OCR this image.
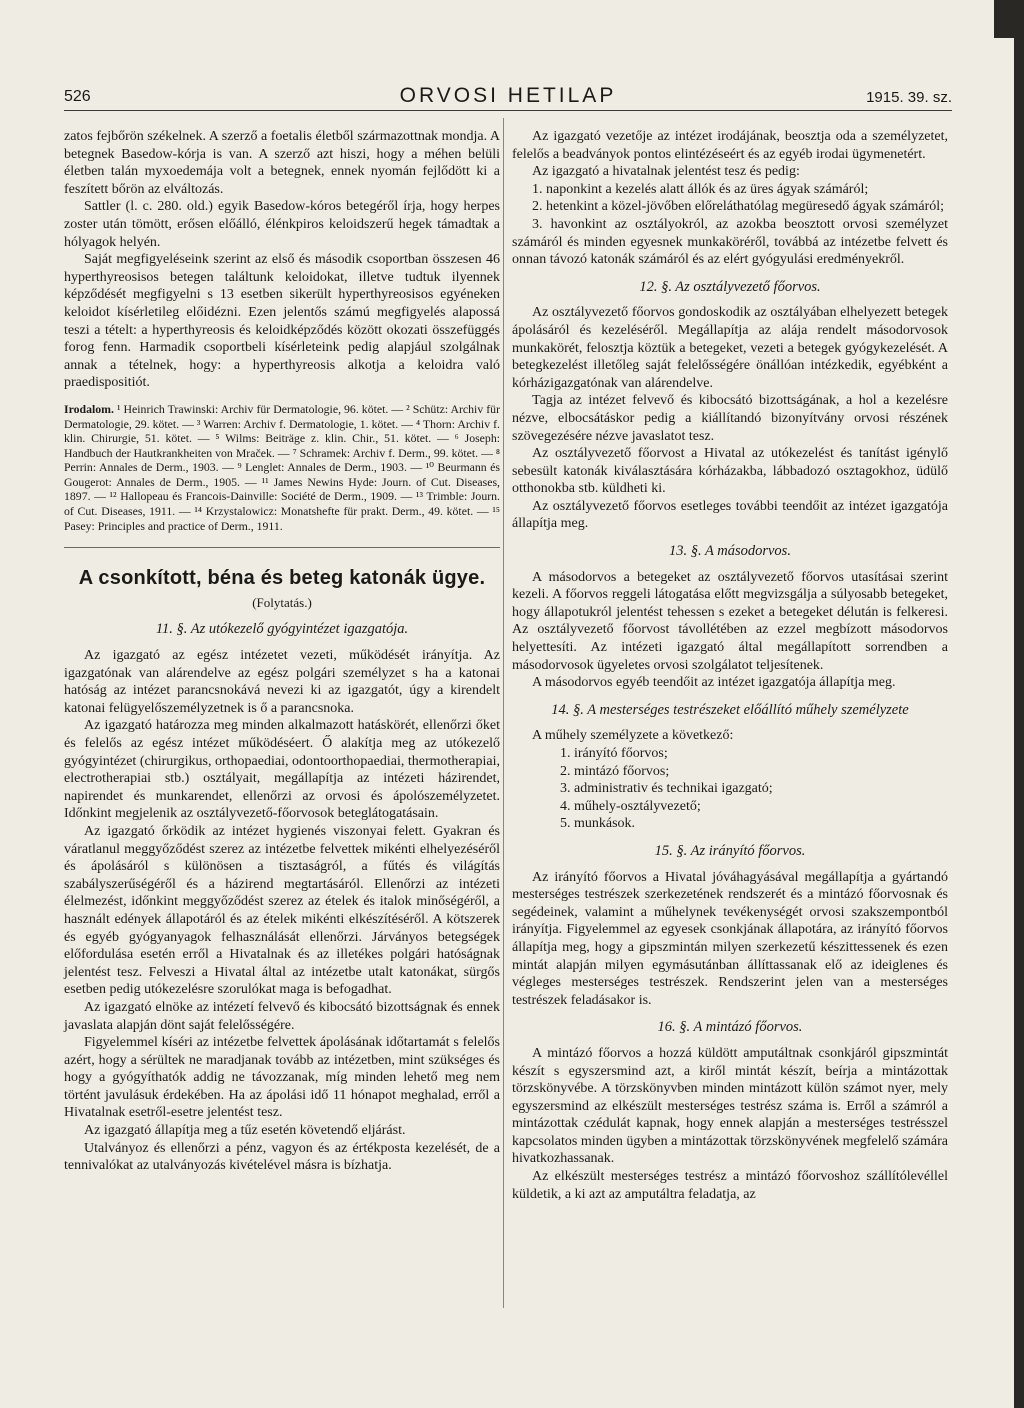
526	ORVOSI HETILAP	1915. 39. sz.

zatos fejbőrön székelnek. A szerző a foetalis életből származottnak mondja. A betegnek Basedow-kórja is van. A szerző azt hiszi, hogy a méhen belüli életben talán myxoedemája volt a betegnek, ennek nyomán fejlődött ki a feszített bőrön az elváltozás.

Sattler (l. c. 280. old.) egyik Basedow-kóros betegéről írja, hogy herpes zoster után tömött, erősen előálló, élénkpiros keloidszerű hegek támadtak a hólyagok helyén.

Saját megfigyeléseink szerint az első és második csoportban összesen 46 hyperthyreosisos betegen találtunk keloidokat, illetve tudtuk ilyennek képződését megfigyelni s 13 esetben sikerült hyperthyreosisos egyéneken keloidot kísérletileg előidézni. Ezen jelentős számú megfigyelés alapossá teszi a tételt: a hyperthyreosis és keloidképződés között okozati összefüggés forog fenn. Harmadik csoportbeli kísérleteink pedig alapjául szolgálnak annak a tételnek, hogy: a hyperthyreosis alkotja a keloidra való praedispositiót.

Irodalom. ¹ Heinrich Trawinski: Archiv für Dermatologie, 96. kötet. — ² Schütz: Archiv für Dermatologie, 29. kötet. — ³ Warren: Archiv f. Dermatologie, 1. kötet. — ⁴ Thorn: Archiv f. klin. Chirurgie, 51. kötet. — ⁵ Wilms: Beiträge z. klin. Chir., 51. kötet. — ⁶ Joseph: Handbuch der Hautkrankheiten von Mraček. — ⁷ Schramek: Archiv f. Derm., 99. kötet. — ⁸ Perrin: Annales de Derm., 1903. — ⁹ Lenglet: Annales de Derm., 1903. — ¹⁰ Beurmann és Gougerot: Annales de Derm., 1905. — ¹¹ James Newins Hyde: Journ. of Cut. Diseases, 1897. — ¹² Hallopeau és Francois-Dainville: Société de Derm., 1909. — ¹³ Trimble: Journ. of Cut. Diseases, 1911. — ¹⁴ Krzystalowicz: Monatshefte für prakt. Derm., 49. kötet. — ¹⁵ Pasey: Principles and practice of Derm., 1911.
A csonkított, béna és beteg katonák ügye.
(Folytatás.)
11. §. Az utókezelő gyógyintézet igazgatója.

Az igazgató az egész intézetet vezeti, működését irányítja. Az igazgatónak van alárendelve az egész polgári személyzet s ha a katonai hatóság az intézet parancsnokává nevezi ki az igazgatót, úgy a kirendelt katonai felügyelőszemélyzetnek is ő a parancsnoka.

Az igazgató határozza meg minden alkalmazott hatáskörét, ellenőrzi őket és felelős az egész intézet működéséert. Ő alakítja meg az utókezelő gyógyintézet (chirurgikus, orthopaediai, odontoorthopaediai, thermotherapiai, electrotherapiai stb.) osztályait, megállapítja az intézeti házirendet, napirendet és munkarendet, ellenőrzi az orvosi és ápolószemélyzetet. Időnkint megjelenik az osztályvezető-főorvosok beteglátogatásain.

Az igazgató őrködik az intézet hygienés viszonyai felett. Gyakran és váratlanul meggyőződést szerez az intézetbe felvettek mikénti elhelyezéséről és ápolásáról s különösen a tisztaságról, a fűtés és világítás szabályszerűségéről és a házirend megtartásáról. Ellenőrzi az intézeti élelmezést, időnkint meggyőződést szerez az ételek és italok minőségéről, a használt edények állapotáról és az ételek mikénti elkészítéséről. A kötszerek és egyéb gyógyanyagok felhasználását ellenőrzi. Járványos betegségek előfordulása esetén erről a Hivatalnak és az illetékes polgári hatóságnak jelentést tesz. Felveszi a Hivatal által az intézetbe utalt katonákat, sürgős esetben pedig utókezelésre szorulókat maga is befogadhat.

Az igazgató elnöke az intézetí felvevő és kibocsátó bizottságnak és ennek javaslata alapján dönt saját felelősségére.

Figyelemmel kíséri az intézetbe felvettek ápolásának időtartamát s felelős azért, hogy a sérültek ne maradjanak tovább az intézetben, mint szükséges és hogy a gyógyíthatók addig ne távozzanak, míg minden lehető meg nem történt javulásuk érdekében. Ha az ápolási idő 11 hónapot meghalad, erről a Hivatalnak esetről-esetre jelentést tesz.

Az igazgató állapítja meg a tűz esetén követendő eljárást.

Utalványoz és ellenőrzi a pénz, vagyon és az értékposta kezelését, de a tennivalókat az utalványozás kivételével másra is bízhatja.

Az igazgató vezetője az intézet irodájának, beosztja oda a személyzetet, felelős a beadványok pontos elintézéseért és az egyéb irodai ügymenetért.

Az igazgató a hivatalnak jelentést tesz és pedig:

1. naponkint a kezelés alatt állók és az üres ágyak számáról;

2. hetenkint a közel-jövőben előreláthatólag megüresedő ágyak számáról;

3. havonkint az osztályokról, az azokba beosztott orvosi személyzet számáról és minden egyesnek munkaköréről, továbbá az intézetbe felvett és onnan távozó katonák számáról és az elért gyógyulási eredményekről.

12. §. Az osztályvezető főorvos.

Az osztályvezető főorvos gondoskodik az osztályában elhelyezett betegek ápolásáról és kezeléséről. Megállapítja az alája rendelt másodorvosok munkakörét, felosztja köztük a betegeket, vezeti a betegek gyógykezelését. A betegkezelést illetőleg saját felelősségére önállóan intézkedik, egyébként a kórházigazgatónak van alárendelve.

Tagja az intézet felvevő és kibocsátó bizottságának, a hol a kezelésre nézve, elbocsátáskor pedig a kiállítandó bizonyítvány orvosi részének szövegezésére nézve javaslatot tesz.

Az osztályvezető főorvost a Hivatal az utókezelést és tanítást igénylő sebesült katonák kiválasztására kórházakba, lábbadozó osztagokhoz, üdülő otthonokba stb. küldheti ki.

Az osztályvezető főorvos esetleges további teendőit az intézet igazgatója állapítja meg.

13. §. A másodorvos.

A másodorvos a betegeket az osztályvezető főorvos utasításai szerint kezeli. A főorvos reggeli látogatása előtt megvizsgálja a súlyosabb betegeket, hogy állapotukról jelentést tehessen s ezeket a betegeket délután is felkeresi. Az osztályvezető főorvost távollétében az ezzel megbízott másodorvos helyettesíti. Az intézeti igazgató által megállapított sorrendben a másodorvosok ügyeletes orvosi szolgálatot teljesítenek.

A másodorvos egyéb teendőit az intézet igazgatója állapítja meg.

14. §. A mesterséges testrészeket előállító műhely személyzete

A műhely személyzete a következő:

1. irányító főorvos;

2. mintázó főorvos;

3. administrativ és technikai igazgató;

4. műhely-osztályvezető;

5. munkások.

15. §. Az irányító főorvos.

Az irányító főorvos a Hivatal jóváhagyásával megállapítja a gyártandó mesterséges testrészek szerkezetének rendszerét és a mintázó főorvosnak és segédeinek, valamint a műhelynek tevékenységét orvosi szakszempontból irányítja. Figyelemmel az egyesek csonkjának állapotára, az irányító főorvos állapítja meg, hogy a gipszmintán milyen szerkezetű készittessenek és ezen mintát alapján milyen egymásutánban állíttassanak elő az ideiglenes és végleges mesterséges testrészek. Rendszerint jelen van a mesterséges testrészek feladásakor is.

16. §. A mintázó főorvos.

A mintázó főorvos a hozzá küldött amputáltnak csonkjáról gipszmintát készít s egyszersmind azt, a kiről mintát készít, beírja a mintázottak törzskönyvébe. A törzskönyvben minden mintázott külön számot nyer, mely egyszersmind az elkészült mesterséges testrész száma is. Erről a számról a mintázottak czédulát kapnak, hogy ennek alapján a mesterséges testrésszel kapcsolatos minden ügyben a mintázottak törzskönyvének megfelelő számára hivatkozhassanak.

Az elkészült mesterséges testrész a mintázó főorvoshoz szállítólevéllel küldetik, a ki azt az amputáltra feladatja, az
